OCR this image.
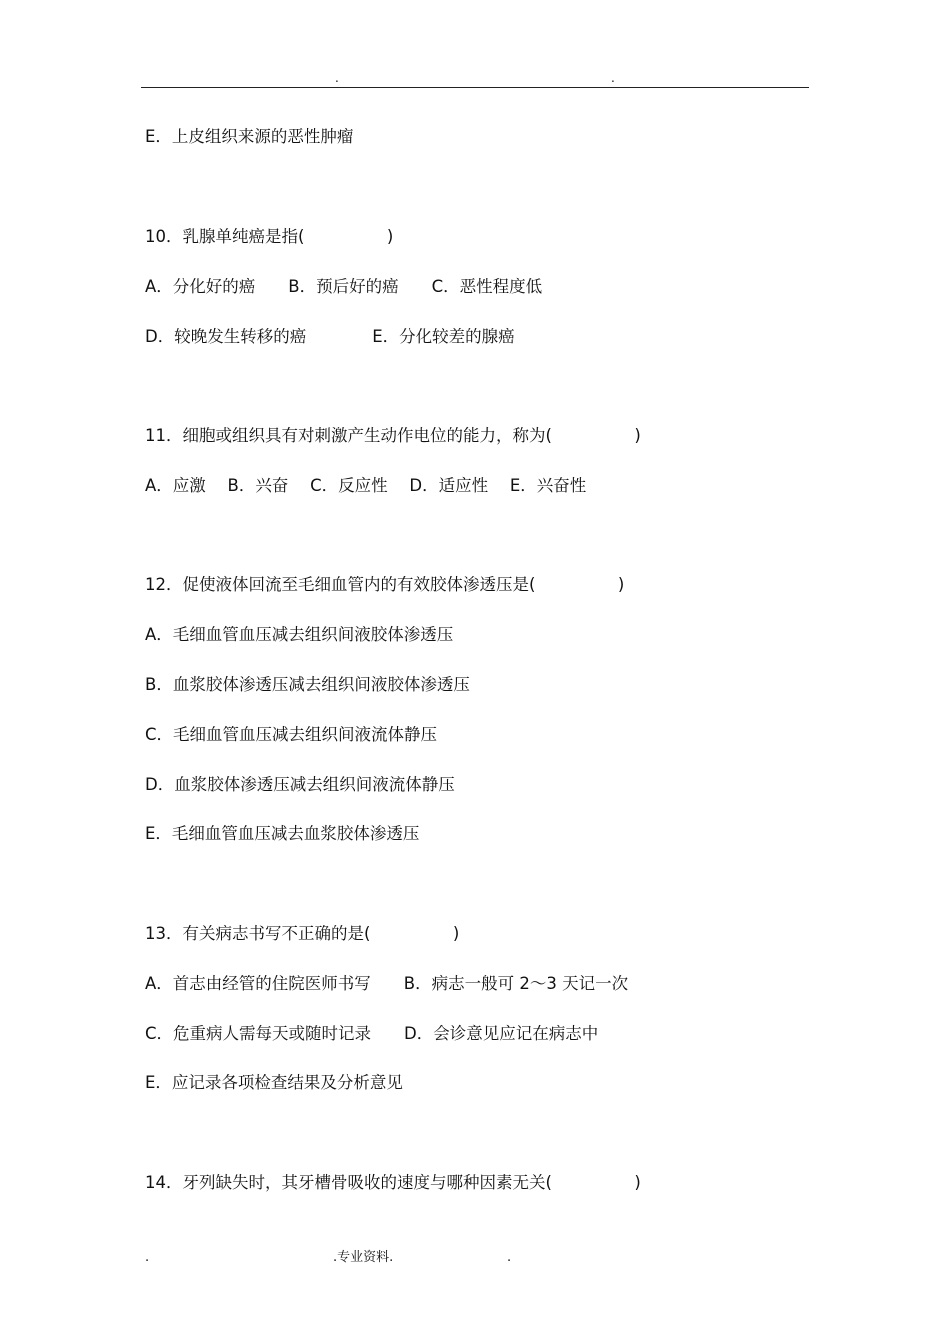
.	.
E．上皮组织来源的恶性肿瘤
10．乳腺单纯癌是指(　　　　　)
A．分化好的癌　　B．预后好的癌　　C．恶性程度低
D．较晚发生转移的癌　　　　E．分化较差的腺癌
11．细胞或组织具有对刺激产生动作电位的能力，称为(　　　　　)
A．应激　 B．兴奋　 C．反应性　 D．适应性　 E．兴奋性
12．促使液体回流至毛细血管内的有效胶体渗透压是(　　　　　)
A．毛细血管血压减去组织间液胶体渗透压
B．血浆胶体渗透压减去组织间液胶体渗透压
C．毛细血管血压减去组织间液流体静压
D．血浆胶体渗透压减去组织间液流体静压
E．毛细血管血压减去血浆胶体渗透压
13．有关病志书写不正确的是(　　　　　)
A．首志由经管的住院医师书写　　B．病志一般可 2～3 天记一次
C．危重病人需每天或随时记录　　D．会诊意见应记在病志中
E．应记录各项检查结果及分析意见
14．牙列缺失时，其牙槽骨吸收的速度与哪种因素无关(　　　　　)
.	.专业资料.	.
